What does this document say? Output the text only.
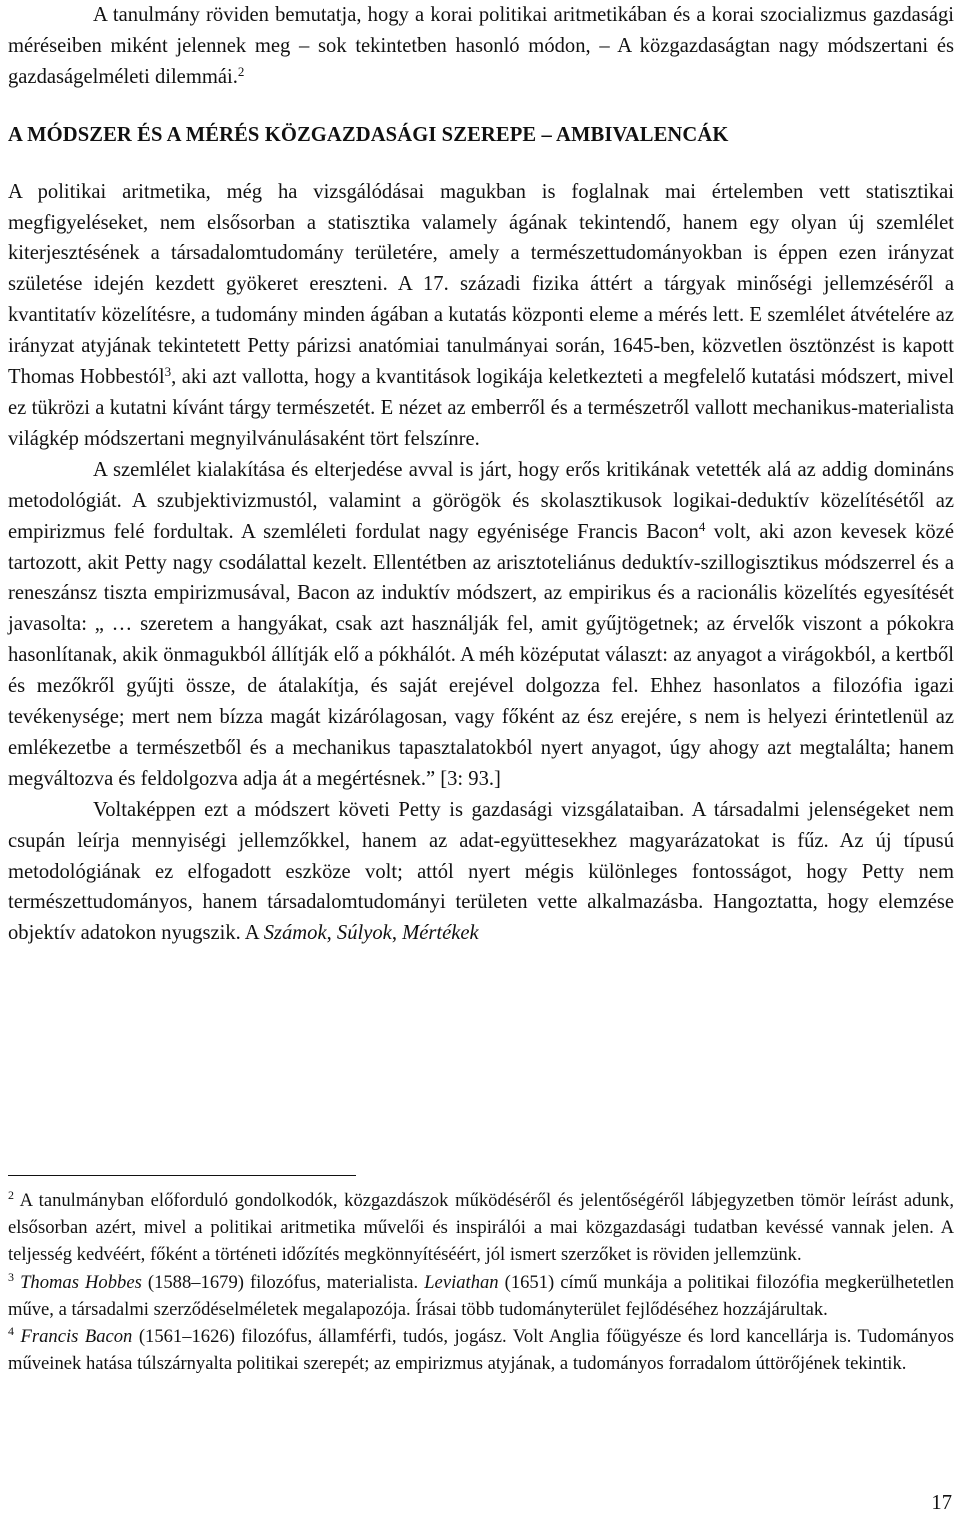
A tanulmány röviden bemutatja, hogy a korai politikai aritmetikában és a korai szocializmus gazdasági méréseiben miként jelennek meg – sok tekintetben hasonló módon, – A közgazdaságtan nagy módszertani és gazdaságelméleti dilemmái.$^2$

A MÓDSZER ÉS A MÉRÉS KÖZGAZDASÁGI SZEREPE – AMBIVALENCÁK

A politikai aritmetika, még ha vizsgálódásai magukban is foglalnak mai értelemben vett statisztikai megfigyeléseket, nem elsősorban a statisztika valamely ágának tekintendő, hanem egy olyan új szemlélet kiterjesztésének a társadalomtudomány területére, amely a természettudományokban is éppen ezen irányzat születése idején kezdett gyökeret ereszteni. A 17. századi fizika áttért a tárgyak minőségi jellemzéséről a kvantitatív közelítésre, a tudomány minden ágában a kutatás központi eleme a mérés lett. E szemlélet átvételére az irányzat atyjának tekintetett Petty párizsi anatómiai tanulmányai során, 1645-ben, közvetlen ösztönzést is kapott Thomas Hobbestól$^3$, aki azt vallotta, hogy a kvantitások logikája keletkezteti a megfelelő kutatási módszert, mivel ez tükrözi a kutatni kívánt tárgy természetét. E nézet az emberről és a természetről vallott mechanikus-materialista világkép módszertani megnyilvánulásaként tört felszínre.

A szemlélet kialakítása és elterjedése avval is járt, hogy erős kritikának vetették alá az addig domináns metodológiát. A szubjektivizmustól, valamint a görögök és skolasztikusok logikai-deduktív közelítésétől az empirizmus felé fordultak. A szemléleti fordulat nagy egyénisége Francis Bacon$^4$ volt, aki azon kevesek közé tartozott, akit Petty nagy csodálattal kezelt. Ellentétben az arisztoteliánus deduktív-szillogisztikus módszerrel és a reneszánsz tiszta empirizmusával, Bacon az induktív módszert, az empirikus és a racionális közelítés egyesítését javasolta: „ … szeretem a hangyákat, csak azt használják fel, amit gyűjtögetnek; az érvelők viszont a pókokra hasonlítanak, akik önmagukból állítják elő a pókhálót. A méh középutat választ: az anyagot a virágokból, a kertből és mezőkről gyűjti össze, de átalakítja, és saját erejével dolgozza fel. Ehhez hasonlatos a filozófia igazi tevékenysége; mert nem bízza magát kizárólagosan, vagy főként az ész erejére, s nem is helyezi érintetlenül az emlékezetbe a természetből és a mechanikus tapasztalatokból nyert anyagot, úgy ahogy azt megtalálta; hanem megváltozva és feldolgozva adja át a megértésnek.” [3: 93.]

Voltaképpen ezt a módszert követi Petty is gazdasági vizsgálataiban. A társadalmi jelenségeket nem csupán leírja mennyiségi jellemzőkkel, hanem az adat-együttesekhez magyarázatokat is fűz. Az új típusú metodológiának ez elfogadott eszköze volt; attól nyert mégis különleges fontosságot, hogy Petty nem természettudományos, hanem társadalomtudományi területen vette alkalmazásba. Hangoztatta, hogy elemzése objektív adatokon nyugszik. A Számok, Súlyok, Mértékek

$^2$ A tanulmányban előforduló gondolkodók, közgazdászok működéséről és jelentőségéről lábjegyzetben tömör leírást adunk, elsősorban azért, mivel a politikai aritmetika művelői és inspirálói a mai közgazdasági tudatban kevéssé vannak jelen. A teljesség kedvéért, főként a történeti időzítés megkönnyítéséért, jól ismert szerzőket is röviden jellemzünk.

$^3$ Thomas Hobbes (1588–1679) filozófus, materialista. Leviathan (1651) című munkája a politikai filozófia megkerülhetetlen műve, a társadalmi szerződéselméletek megalapozója. Írásai több tudományterület fejlődéséhez hozzájárultak.

$^4$ Francis Bacon (1561–1626) filozófus, államférfi, tudós, jogász. Volt Anglia főügyésze és lord kancellárja is. Tudományos műveinek hatása túlszárnyalta politikai szerepét; az empirizmus atyjának, a tudományos forradalom úttörőjének tekintik.

17
